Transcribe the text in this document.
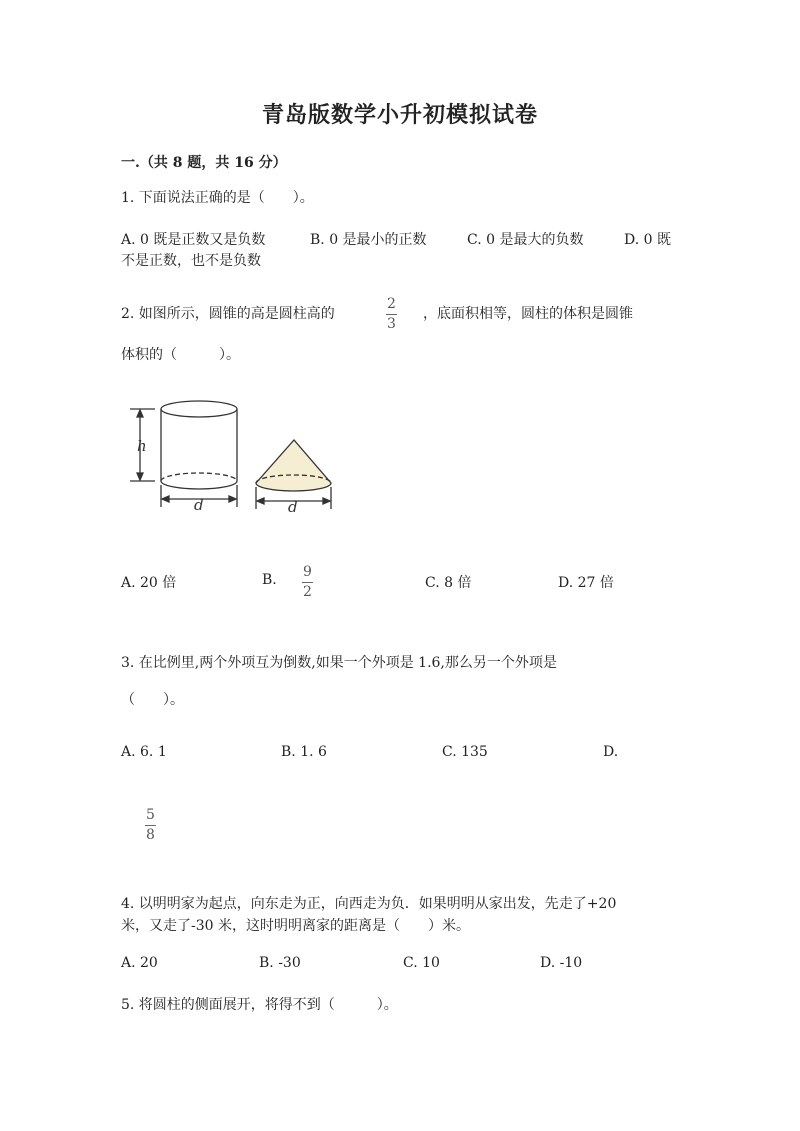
青岛版数学小升初模拟试卷
一.（共 8 题，共 16 分）
1. 下面说法正确的是（　　）。
A. 0 既是正数又是负数	B. 0 是最小的正数	C. 0 是最大的负数	D. 0 既
不是正数，也不是负数
2. 如图所示，圆锥的高是圆柱高的
2
3
，底面积相等，圆柱的体积是圆锥
体积的（　　　）。
h
d	d
A. 20 倍	B. 9
2
C. 8 倍	D. 27 倍
3. 在比例里,两个外项互为倒数,如果一个外项是 1.6,那么另一个外项是
（　　）。
A. 6. 1	B. 1. 6	C. 135	D.
5
8
4. 以明明家为起点，向东走为正，向西走为负．如果明明从家出发，先走了+20
米，又走了-30 米，这时明明离家的距离是（　　）米。
A. 20	B. -30	C. 10	D. -10
5. 将圆柱的侧面展开，将得不到（　　　）。
